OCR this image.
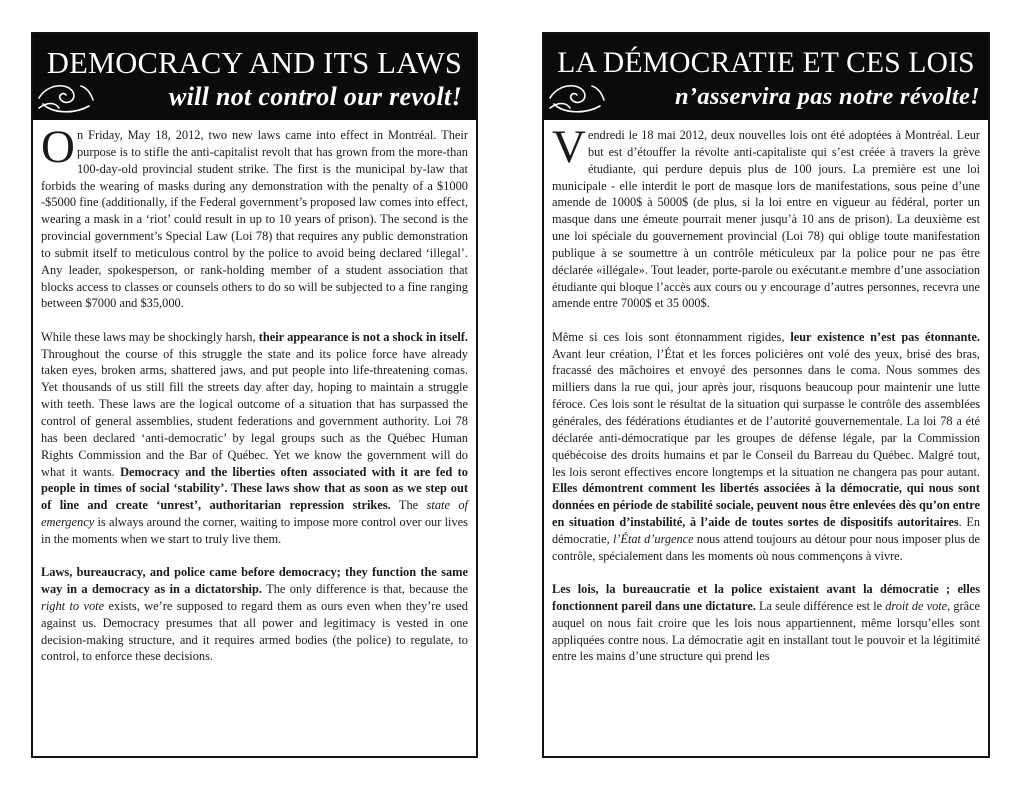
DEMOCRACY AND ITS LAWS
will not control our revolt!

On Friday, May 18, 2012, two new laws came into effect in Montréal. Their purpose is to stifle the anti-capitalist revolt that has grown from the more-than 100-day-old provincial student strike. The first is the municipal by-law that forbids the wearing of masks during any demonstration with the penalty of a $1000 -$5000 fine (additionally, if the Federal government’s proposed law comes into effect, wearing a mask in a ‘riot’ could result in up to 10 years of prison). The second is the provincial government’s Special Law (Loi 78) that requires any public demonstration to submit itself to meticulous control by the police to avoid being declared ‘illegal’. Any leader, spokesperson, or rank-holding member of a student association that blocks access to classes or counsels others to do so will be subjected to a fine ranging between $7000 and $35,000.

While these laws may be shockingly harsh, their appearance is not a shock in itself. Throughout the course of this struggle the state and its police force have already taken eyes, broken arms, shattered jaws, and put people into life-threatening comas. Yet thousands of us still fill the streets day after day, hoping to maintain a struggle with teeth. These laws are the logical outcome of a situation that has surpassed the control of general assemblies, student federations and government authority. Loi 78 has been declared ‘anti-democratic’ by legal groups such as the Québec Human Rights Commission and the Bar of Québec. Yet we know the government will do what it wants. Democracy and the liberties often associated with it are fed to people in times of social ‘stability’. These laws show that as soon as we step out of line and create ‘unrest’, authoritarian repression strikes. The state of emergency is always around the corner, waiting to impose more control over our lives in the moments when we start to truly live them.

Laws, bureaucracy, and police came before democracy; they function the same way in a democracy as in a dictatorship. The only difference is that, because the right to vote exists, we’re supposed to regard them as ours even when they’re used against us. Democracy presumes that all power and legitimacy is vested in one decision-making structure, and it requires armed bodies (the police) to regulate, to control, to enforce these decisions.

LA DÉMOCRATIE ET CES LOIS
n’asservira pas notre révolte!

Vendredi le 18 mai 2012, deux nouvelles lois ont été adoptées à Montréal. Leur but est d’étouffer la révolte anti-capitaliste qui s’est créée à travers la grève étudiante, qui perdure depuis plus de 100 jours. La première est une loi municipale - elle interdit le port de masque lors de manifestations, sous peine d’une amende de 1000$ à 5000$ (de plus, si la loi entre en vigueur au fédéral, porter un masque dans une émeute pourrait mener jusqu’à 10 ans de prison). La deuxième est une loi spéciale du gouvernement provincial (Loi 78) qui oblige toute manifestation publique à se soumettre à un contrôle méticuleux par la police pour ne pas être déclarée «illégale». Tout leader, porte-parole ou exécutant.e membre d’une association étudiante qui bloque l’accès aux cours ou y encourage d’autres personnes, recevra une amende entre 7000$ et 35 000$.

Même si ces lois sont étonnamment rigides, leur existence n’est pas étonnante. Avant leur création, l’État et les forces policières ont volé des yeux, brisé des bras, fracassé des mâchoires et envoyé des personnes dans le coma. Nous sommes des milliers dans la rue qui, jour après jour, risquons beaucoup pour maintenir une lutte féroce. Ces lois sont le résultat de la situation qui surpasse le contrôle des assemblées générales, des fédérations étudiantes et de l’autorité gouvernementale. La loi 78 a été déclarée anti-démocratique par les groupes de défense légale, par la Commission québécoise des droits humains et par le Conseil du Barreau du Québec. Malgré tout, les lois seront effectives encore longtemps et la situation ne changera pas pour autant. Elles démontrent comment les libertés associées à la démocratie, qui nous sont données en période de stabilité sociale, peuvent nous être enlevées dès qu’on entre en situation d’instabilité, à l’aide de toutes sortes de dispositifs autoritaires. En démocratie, l’État d’urgence nous attend toujours au détour pour nous imposer plus de contrôle, spécialement dans les moments où nous commençons à vivre.

Les lois, la bureaucratie et la police existaient avant la démocratie ; elles fonctionnent pareil dans une dictature. La seule différence est le droit de vote, grâce auquel on nous fait croire que les lois nous appartiennent, même lorsqu’elles sont appliquées contre nous. La démocratie agit en installant tout le pouvoir et la légitimité entre les mains d’une structure qui prend les
